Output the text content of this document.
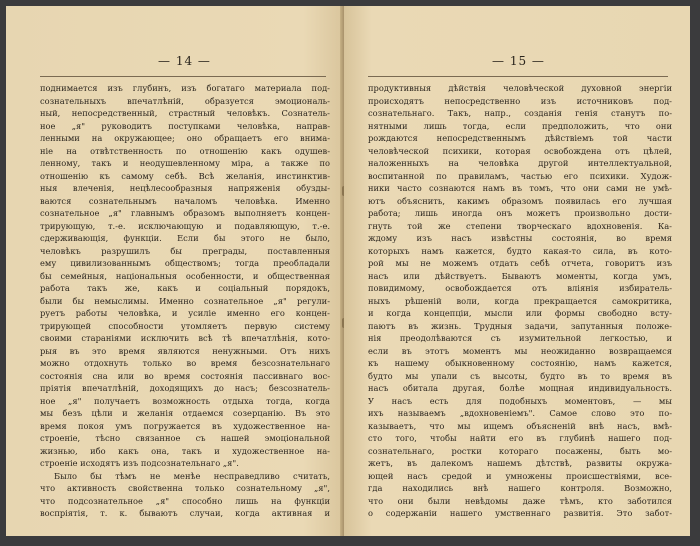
— 14 —
поднимается изъ глубинъ, изъ богатаго материала под-
сознательныхъ впечатлѣній, образуется эмоциональ-
ный, непосредственный, страстный человѣкъ. Сознатель-
ное „я" руководитъ поступками человѣка, направ-
ленными на окружающее; оно обращаетъ его внима-
ніе на отвѣтственность по отношенію какъ одушев-
ленному, такъ и неодушевленному міра, а также по
отношенію къ самому себѣ. Всѣ желанія, инстинктив-
ныя влеченія, нецѣлесообразныя напряженія обузды-
ваются сознательнымъ началомъ человѣка. Именно
сознательное „я" главнымъ образомъ выполняетъ концен-
трирующую, т.-е. исключающую и подавляющую, т.-е.
сдерживающія, функціи. Если бы этого не было,
человѣкъ разрушилъ бы преграды, поставленныя
ему цивилизованнымъ обществомъ; тогда преобладали
бы семейныя, національныя особенности, и общественная
работа такъ же, какъ и соціальный порядокъ,
были бы немыслимы. Именно сознательное „я" регули-
руетъ работы человѣка, и усиліе именно его концен-
трирующей способности утомляетъ первую систему
своими стараніями исключить всѣ тѣ впечатлѣнія, кото-
рыя въ это время являются ненужными. Отъ нихъ
можно отдохнуть только во время безсознательнаго
состоянія сна или во время состоянія пассивнаго вос-
пріятія впечатлѣній, доходящихъ до насъ; безсознатель-
ное „я" получаетъ возможность отдыха тогда, когда
мы безъ цѣли и желанія отдаемся созерцанію. Въ это
время покоя умъ погружается въ художественное на-
строеніе, тѣсно связанное съ нашей эмоціональной
жизнью, ибо какъ она, такъ и художественное на-
строеніе исходятъ изъ подсознательнаго „я".
Было бы тѣмъ не менѣе несправедливо считать,
что активность свойственна только сознательному „я",
что подсознательное „я" способно лишь на функціи
воспріятія, т. к. бываютъ случаи, когда активная и
— 15 —
продуктивныя дѣйствія человѣческой духовной энергіи
происходятъ непосредственно изъ источниковъ под-
сознательнаго. Такъ, напр., созданія генія станутъ по-
нятными лишь тогда, если предположить, что они
рождаются непосредственнымъ дѣйствіемъ той части
человѣческой психики, которая освобождена отъ цѣлей,
наложенныхъ на человѣка другой интеллектуальной,
воспитанной по правиламъ, частью его психики. Худож-
ники часто сознаются намъ въ томъ, что они сами не умѣ-
ютъ объяснить, какимъ образомъ появилась его лучшая
работа; лишь иногда онъ можетъ произвольно дости-
гнуть той же степени творческаго вдохновенія. Ка-
ждому изъ насъ извѣстны состоянія, во время
которыхъ намъ кажется, будто какая-то сила, въ кото-
рой мы не можемъ отдать себѣ отчета, говоритъ изъ
насъ или дѣйствуетъ. Бываютъ моменты, когда умъ,
повидимому, освобождается отъ вліянія избиратель-
ныхъ рѣшеній воли, когда прекращается самокритика,
и когда концепціи, мысли или формы свободно всту-
паютъ въ жизнь. Трудныя задачи, запутанныя положе-
нія преодолѣваются съ изумительной легкостью, и
если въ этотъ моментъ мы неожиданно возвращаемся
къ нашему обыкновенному состоянію, намъ кажется,
будто мы упали съ высоты, будто въ то время въ
насъ обитала другая, болѣе мощная индивидуальность.
У насъ есть для подобныхъ моментовъ, — мы
ихъ называемъ „вдохновеніемъ". Самое слово это по-
казываетъ, что мы ищемъ объясненій внѣ насъ, вмѣ-
сто того, чтобы найти его въ глубинѣ нашего под-
сознательнаго, ростки котораго посажены, быть мо-
жетъ, въ далекомъ нашемъ дѣтствѣ, развиты окружа-
ющей насъ средой и умножены происшествіями, все-
гда находились внѣ нашего контроля. Возможно,
что они были невѣдомы даже тѣмъ, кто заботился
о содержаніи нашего умственнаго развитія. Это забот-
